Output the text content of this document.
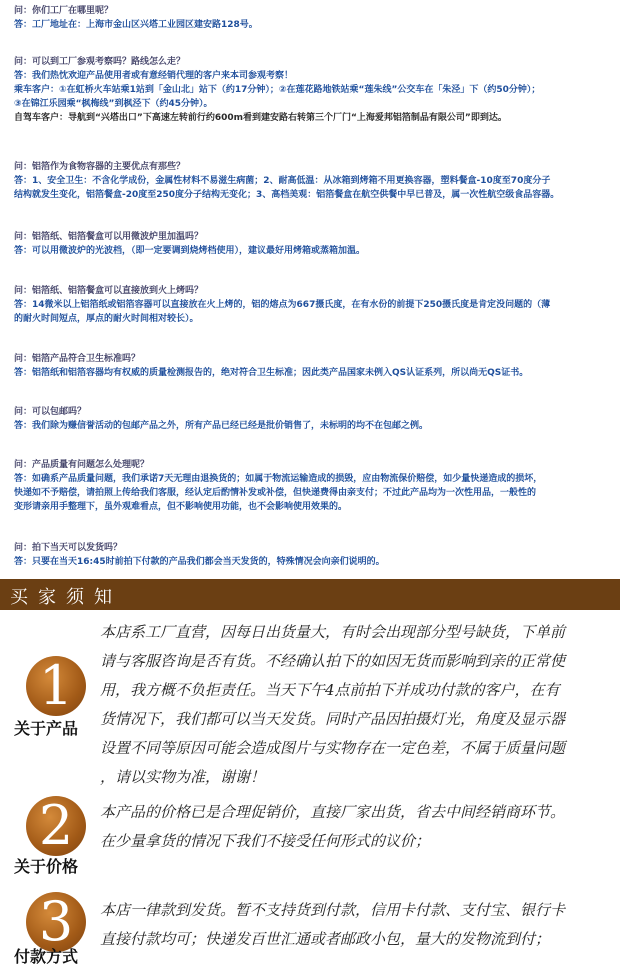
问：你们工厂在哪里呢？
答：工厂地址在：上海市金山区兴塔工业园区建安路128号。
问：可以到工厂参观考察吗？路线怎么走？
答：我们热忱欢迎产品使用者或有意经销代理的客户来本司参观考察！
乘车客户：①在虹桥火车站乘1站到「金山北」站下（约17分钟）；②在莲花路地铁站乘“莲朱线”公交车在「朱泾」下（约50分钟）；
③在锦江乐园乘“枫梅线”到枫泾下（约45分钟）。
自驾车客户：导航到“兴塔出口”下高速左转前行约600m看到建安路右转第三个厂门“上海爱邦铝箔制品有限公司”即到达。
问：铝箔作为食物容器的主要优点有那些？
答：1、安全卫生：不含化学成份，金属性材料不易滋生病菌；2、耐高低温：从冰箱到烤箱不用更换容器，塑料餐盒-10度至70度分子
结构就发生变化，铝箔餐盒-20度至250度分子结构无变化；3、高档美观：铝箔餐盒在航空供餐中早已普及，属一次性航空级食品容器。
问：铝箔纸、铝箔餐盒可以用微波炉里加温吗？
答：可以用微波炉的光波档，（即一定要调到烧烤档使用），建议最好用烤箱或蒸箱加温。
问：铝箔纸、铝箔餐盒可以直接放到火上烤吗？
答：14微米以上铝箔纸或铝箔容器可以直接放在火上烤的，铝的熔点为667摄氏度，在有水份的前提下250摄氏度是肯定没问题的（薄
的耐火时间短点，厚点的耐火时间相对较长）。
问：铝箔产品符合卫生标准吗？
答：铝箔纸和铝箔容器均有权威的质量检测报告的，绝对符合卫生标准；因此类产品国家未例入QS认证系列，所以尚无QS证书。
问：可以包邮吗？
答：我们除为赚信誉活动的包邮产品之外，所有产品已经已经是批价销售了，未标明的均不在包邮之例。
问：产品质量有问题怎么处理呢？
答：如确系产品质量问题，我们承诺7天无理由退换货的；如属于物流运输造成的损毁，应由物流保价赔偿，如少量快递造成的损坏，
快递如不予赔偿，请拍照上传给我们客服，经认定后酌情补发或补偿，但快递费得由亲支付；不过此产品均为一次性用品，一般性的
变形请亲用手整理下，虽外观难看点，但不影响使用功能，也不会影响使用效果的。
问：拍下当天可以发货吗？
答：只要在当天16:45时前拍下付款的产品我们都会当天发货的，特殊情况会向亲们说明的。
买家须知
1
关于产品
本店系工厂直营，因每日出货量大，有时会出现部分型号缺货，下单前
请与客服咨询是否有货。不经确认拍下的如因无货而影响到亲的正常使
用，我方概不负拒责任。当天下午4点前拍下并成功付款的客户，在有
货情况下，我们都可以当天发货。同时产品因拍摄灯光，角度及显示器
设置不同等原因可能会造成图片与实物存在一定色差，不属于质量问题
，请以实物为准，谢谢！
2
关于价格
本产品的价格已是合理促销价，直接厂家出货，省去中间经销商环节。
在少量拿货的情况下我们不接受任何形式的议价；
3
付款方式
本店一律款到发货。暂不支持货到付款，信用卡付款、支付宝、银行卡
直接付款均可；快递发百世汇通或者邮政小包，量大的发物流到付；
